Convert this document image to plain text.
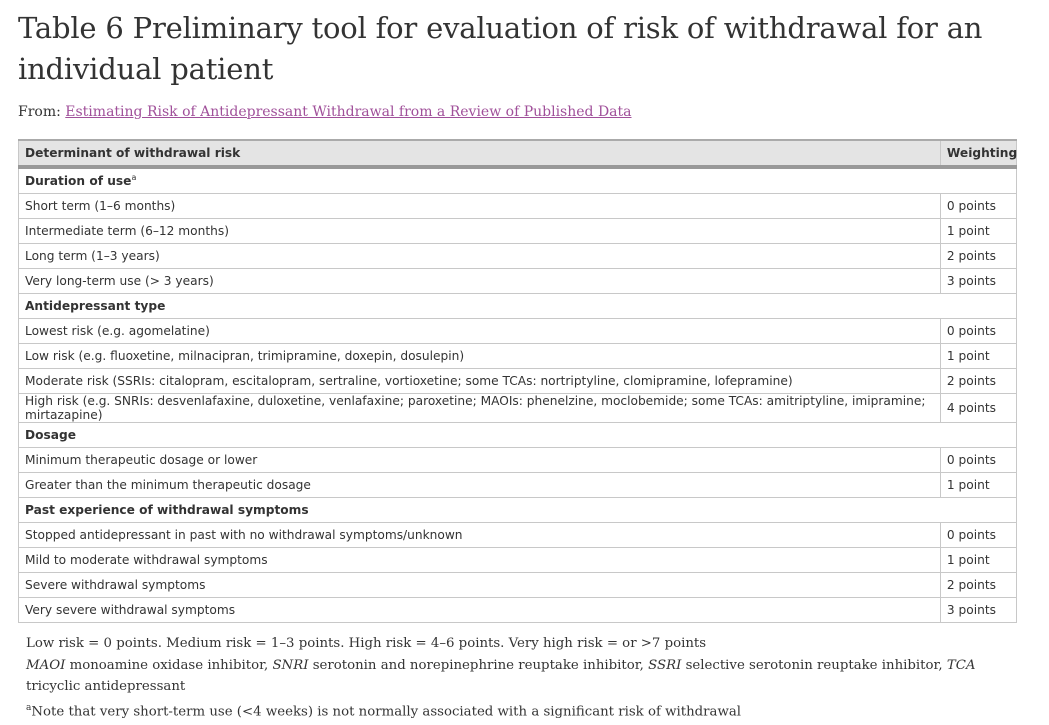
Table 6 Preliminary tool for evaluation of risk of withdrawal for an individual patient
From: Estimating Risk of Antidepressant Withdrawal from a Review of Published Data
Determinant of withdrawal risk	Weighting
Duration of use$^a$
Short term (1–6 months)	0 points
Intermediate term (6–12 months)	1 point
Long term (1–3 years)	2 points
Very long-term use (> 3 years)	3 points
Antidepressant type	
Lowest risk (e.g. agomelatine)	0 points
Low risk (e.g. fluoxetine, milnacipran, trimipramine, doxepin, dosulepin)	1 point
Moderate risk (SSRIs: citalopram, escitalopram, sertraline, vortioxetine; some TCAs: nortriptyline, clomipramine, lofepramine)	2 points
High risk (e.g. SNRIs: desvenlafaxine, duloxetine, venlafaxine; paroxetine; MAOIs: phenelzine, moclobemide; some TCAs: amitriptyline, imipramine; mirtazapine)	4 points
Dosage	
Minimum therapeutic dosage or lower	0 points
Greater than the minimum therapeutic dosage	1 point
Past experience of withdrawal symptoms	
Stopped antidepressant in past with no withdrawal symptoms/unknown	0 points
Mild to moderate withdrawal symptoms	1 point
Severe withdrawal symptoms	2 points
Very severe withdrawal symptoms	3 points

Low risk = 0 points. Medium risk = 1–3 points. High risk = 4–6 points. Very high risk = or >7 points

MAOI monoamine oxidase inhibitor, SNRI serotonin and norepinephrine reuptake inhibitor, SSRI selective serotonin reuptake inhibitor, TCA tricyclic antidepressant

$^a$Note that very short-term use (<4 weeks) is not normally associated with a significant risk of withdrawal
